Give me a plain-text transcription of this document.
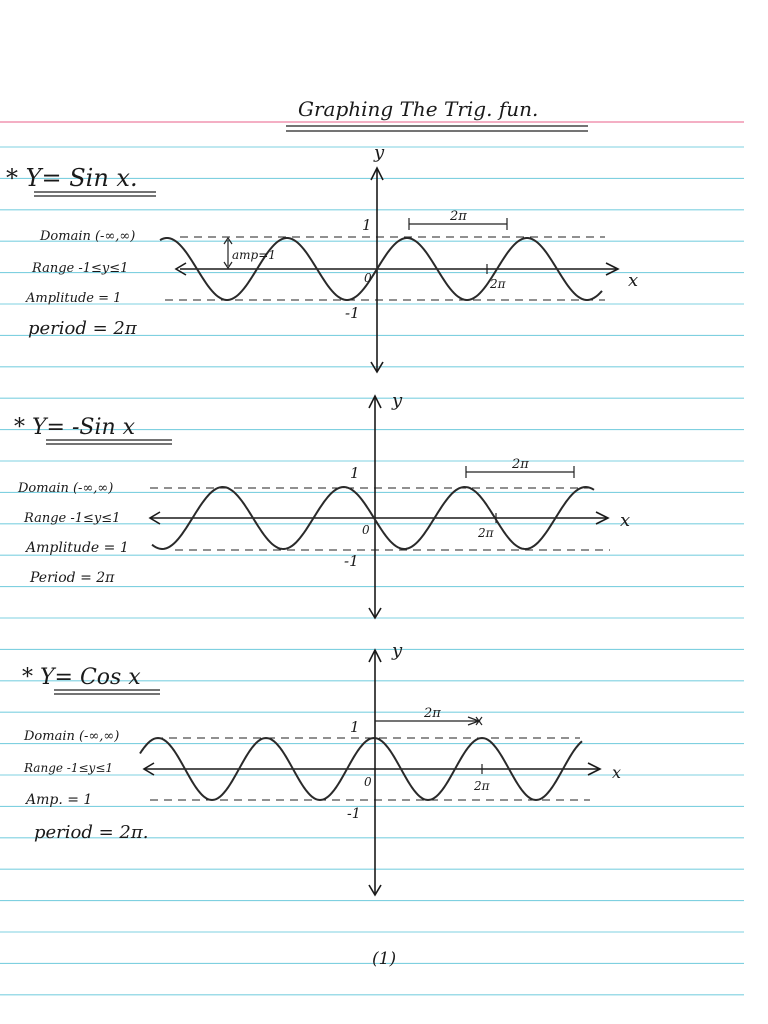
Graphing The Trig. fun.
* Y= Sin x.
Domain (-∞,∞)
Range -1≤y≤1
Amplitude = 1
period = 2π
y
x
1
-1
0
2π
2π
amp=1
* Y= -Sin x
Domain (-∞,∞)
Range -1≤y≤1
Amplitude = 1
Period = 2π
y
x
1
-1
0
2π
2π
* Y= Cos x
Domain (-∞,∞)
Range -1≤y≤1
Amp. = 1
period = 2π.
y
x
1
-1
0
2π
2π
(1)
